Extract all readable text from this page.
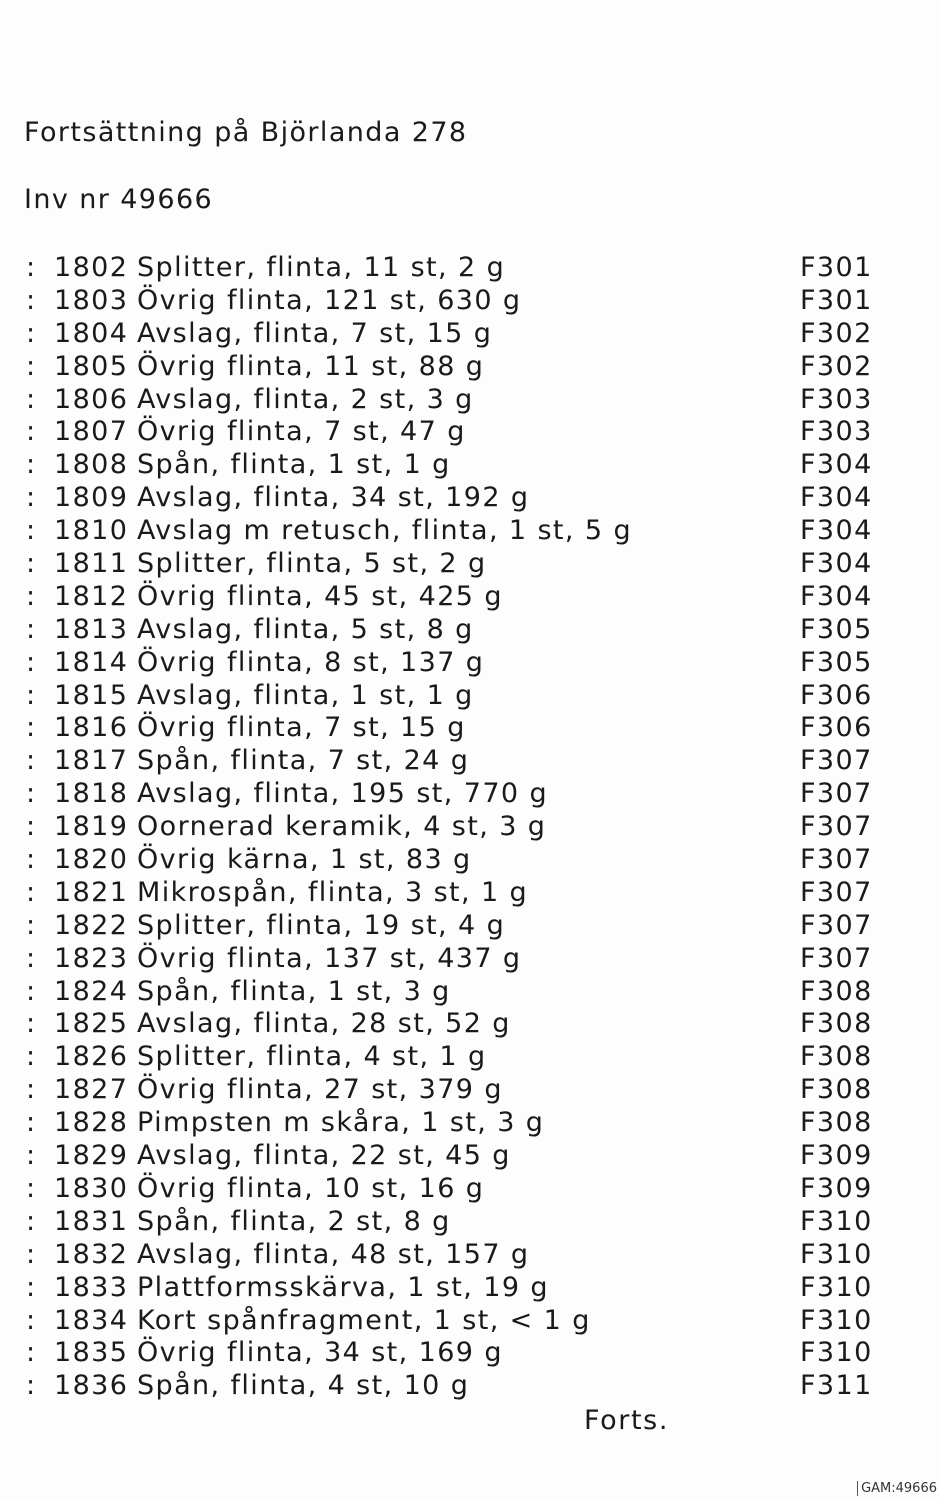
Fortsättning på Björlanda 278
Inv nr 49666
: 1802 Splitter, flinta, 11 st, 2 g	F301
: 1803 Övrig flinta, 121 st, 630 g	F301
: 1804 Avslag, flinta, 7 st, 15 g	F302
: 1805 Övrig flinta, 11 st, 88 g	F302
: 1806 Avslag, flinta, 2 st, 3 g	F303
: 1807 Övrig flinta, 7 st, 47 g	F303
: 1808 Spån, flinta, 1 st, 1 g	F304
: 1809 Avslag, flinta, 34 st, 192 g	F304
: 1810 Avslag m retusch, flinta, 1 st, 5 g	F304
: 1811 Splitter, flinta, 5 st, 2 g	F304
: 1812 Övrig flinta, 45 st, 425 g	F304
: 1813 Avslag, flinta, 5 st, 8 g	F305
: 1814 Övrig flinta, 8 st, 137 g	F305
: 1815 Avslag, flinta, 1 st, 1 g	F306
: 1816 Övrig flinta, 7 st, 15 g	F306
: 1817 Spån, flinta, 7 st, 24 g	F307
: 1818 Avslag, flinta, 195 st, 770 g	F307
: 1819 Oornerad keramik, 4 st, 3 g	F307
: 1820 Övrig kärna, 1 st, 83 g	F307
: 1821 Mikrospån, flinta, 3 st, 1 g	F307
: 1822 Splitter, flinta, 19 st, 4 g	F307
: 1823 Övrig flinta, 137 st, 437 g	F307
: 1824 Spån, flinta, 1 st, 3 g	F308
: 1825 Avslag, flinta, 28 st, 52 g	F308
: 1826 Splitter, flinta, 4 st, 1 g	F308
: 1827 Övrig flinta, 27 st, 379 g	F308
: 1828 Pimpsten m skåra, 1 st, 3 g	F308
: 1829 Avslag, flinta, 22 st, 45 g	F309
: 1830 Övrig flinta, 10 st, 16 g	F309
: 1831 Spån, flinta, 2 st, 8 g	F310
: 1832 Avslag, flinta, 48 st, 157 g	F310
: 1833 Plattformsskärva, 1 st, 19 g	F310
: 1834 Kort spånfragment, 1 st, < 1 g	F310
: 1835 Övrig flinta, 34 st, 169 g	F310
: 1836 Spån, flinta, 4 st, 10 g	F311
Forts.
GAM:49666
